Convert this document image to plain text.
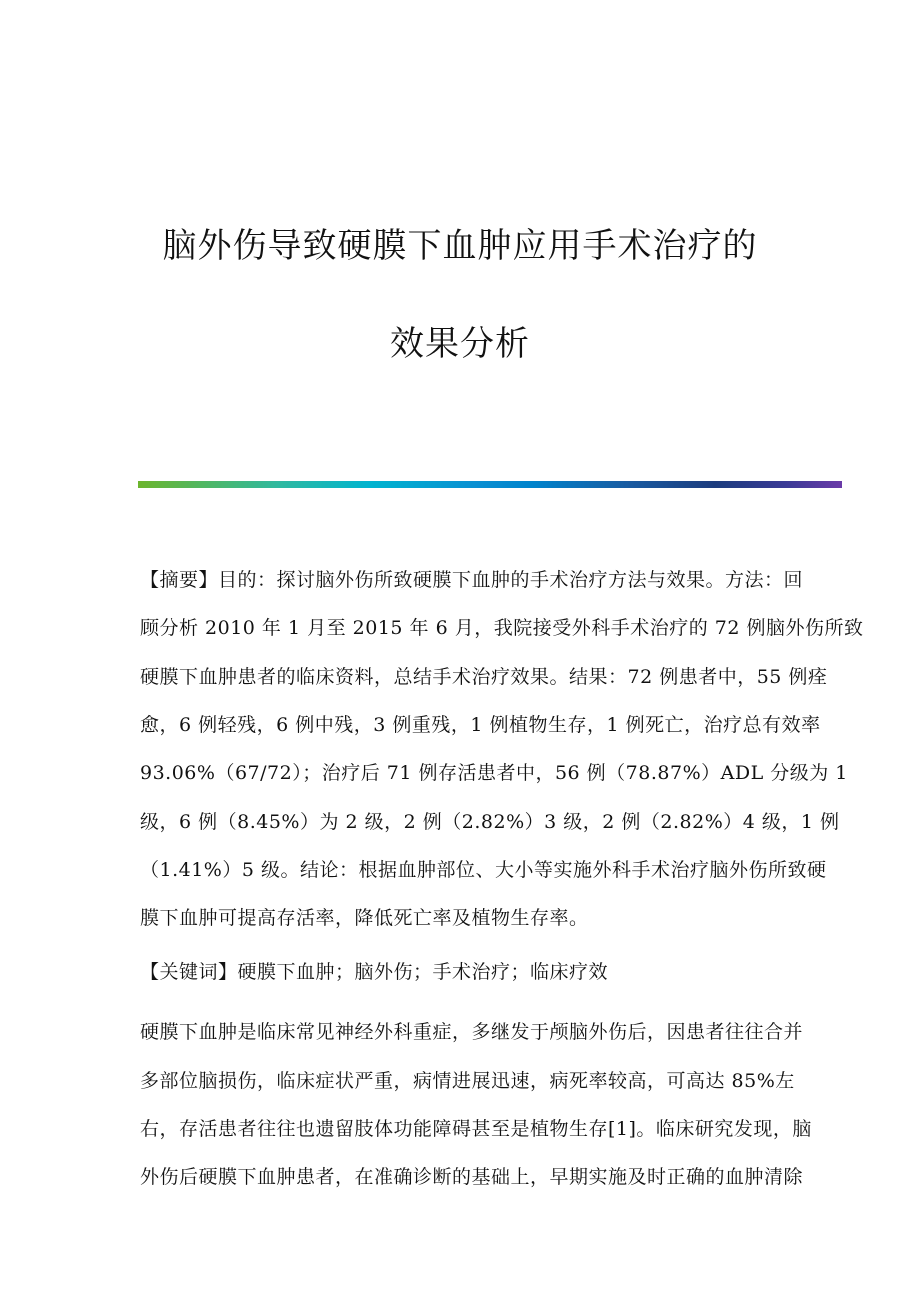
脑外伤导致硬膜下血肿应用手术治疗的
效果分析
【摘要】目的：探讨脑外伤所致硬膜下血肿的手术治疗方法与效果。方法：回
顾分析 2010 年 1 月至 2015 年 6 月，我院接受外科手术治疗的 72 例脑外伤所致
硬膜下血肿患者的临床资料，总结手术治疗效果。结果：72 例患者中，55 例痊
愈，6 例轻残，6 例中残，3 例重残，1 例植物生存，1 例死亡，治疗总有效率
93.06%（67/72）；治疗后 71 例存活患者中，56 例（78.87%）ADL 分级为 1
级，6 例（8.45%）为 2 级，2 例（2.82%）3 级，2 例（2.82%）4 级，1 例
（1.41%）5 级。结论：根据血肿部位、大小等实施外科手术治疗脑外伤所致硬
膜下血肿可提高存活率，降低死亡率及植物生存率。
【关键词】硬膜下血肿；脑外伤；手术治疗；临床疗效
硬膜下血肿是临床常见神经外科重症，多继发于颅脑外伤后，因患者往往合并
多部位脑损伤，临床症状严重，病情进展迅速，病死率较高，可高达 85%左
右，存活患者往往也遗留肢体功能障碍甚至是植物生存[1]。临床研究发现，脑
外伤后硬膜下血肿患者，在准确诊断的基础上，早期实施及时正确的血肿清除
